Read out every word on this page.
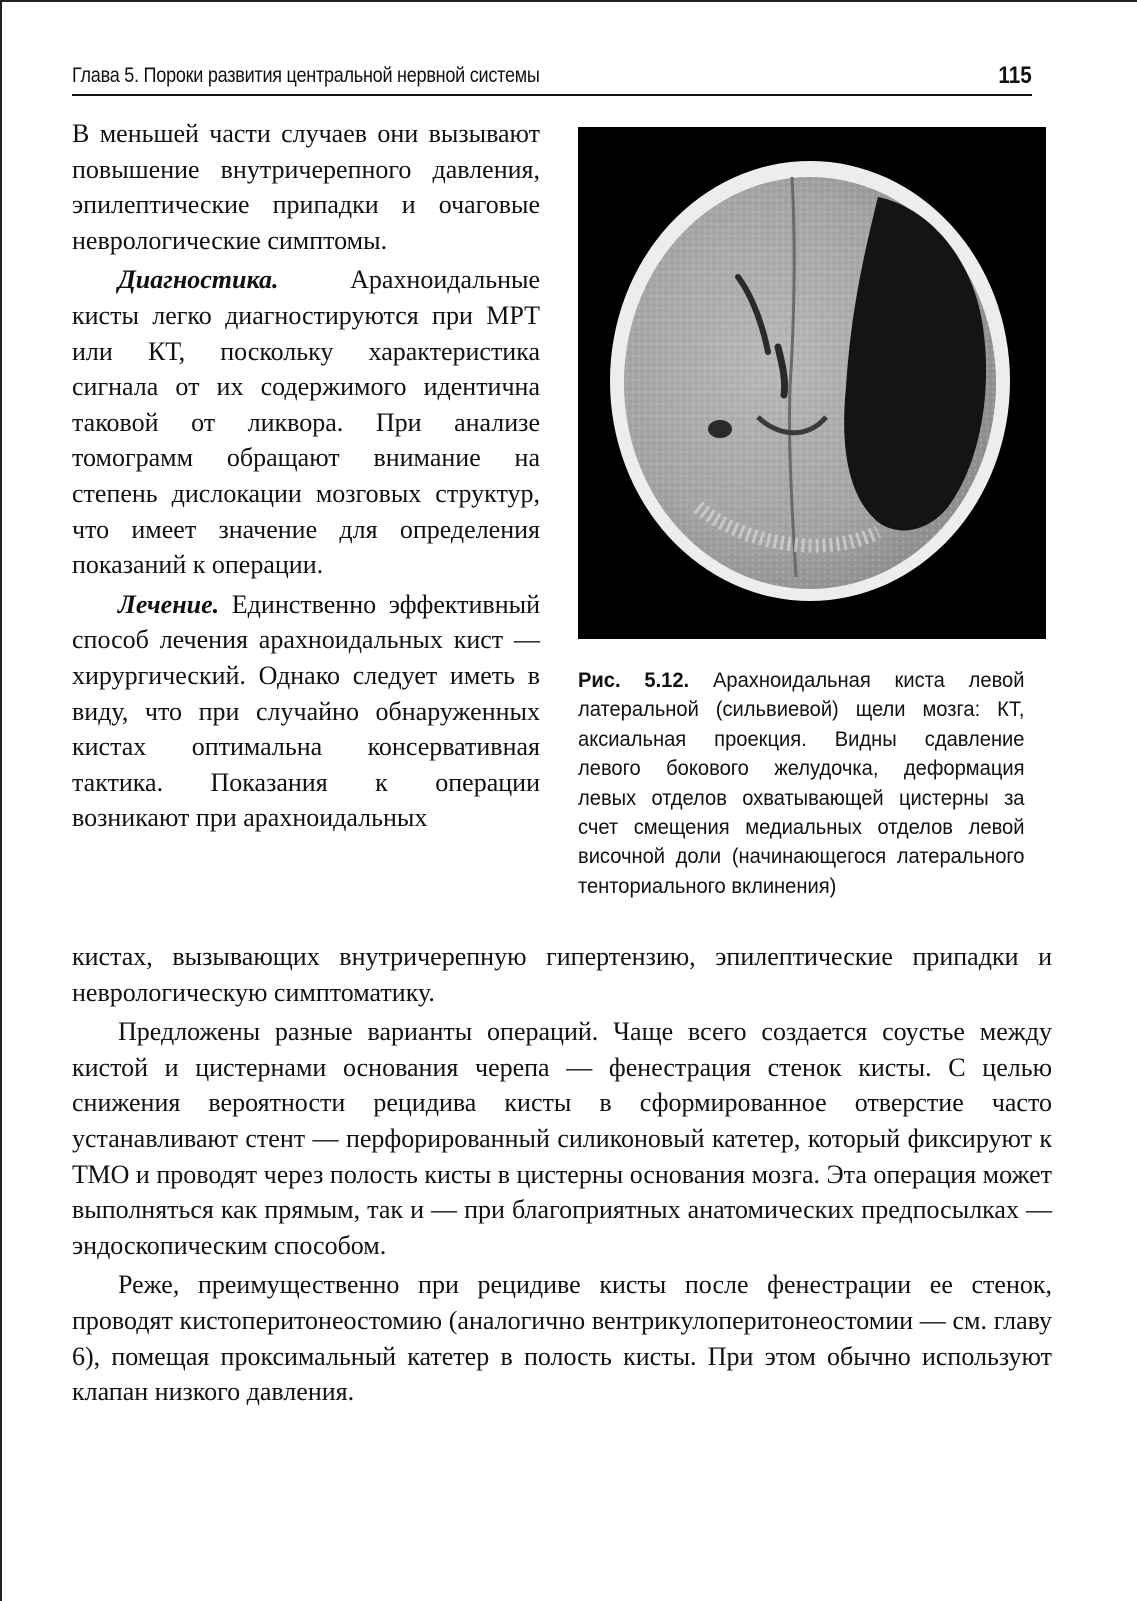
Глава 5. Пороки развития центральной нервной системы	115

В меньшей части случаев они вызывают повышение внутричерепного давления, эпилептические припадки и очаговые неврологические симптомы.

Диагностика. Арахноидальные кисты легко диагностируются при МРТ или КТ, поскольку характеристика сигнала от их содержимого идентична таковой от ликвора. При анализе томограмм обращают внимание на степень дислокации мозговых структур, что имеет значение для определения показаний к операции.

Лечение. Единственно эффективный способ лечения арахноидальных кист — хирургический. Однако следует иметь в виду, что при случайно обнаруженных кистах оптимальна консервативная тактика. Показания к операции возникают при арахноидальных

Рис. 5.12. Арахноидальная киста левой латеральной (сильвиевой) щели мозга: КТ, аксиальная проекция. Видны сдавление левого бокового желудочка, деформация левых отделов охватывающей цистерны за счет смещения медиальных отделов левой височной доли (начинающегося латерального тенториального вклинения)

кистах, вызывающих внутричерепную гипертензию, эпилептические припадки и неврологическую симптоматику.

Предложены разные варианты операций. Чаще всего создается соустье между кистой и цистернами основания черепа — фенестрация стенок кисты. С целью снижения вероятности рецидива кисты в сформированное отверстие часто устанавливают стент — перфорированный силиконовый катетер, который фиксируют к ТМО и проводят через полость кисты в цистерны основания мозга. Эта операция может выполняться как прямым, так и — при благоприятных анатомических предпосылках — эндоскопическим способом.

Реже, преимущественно при рецидиве кисты после фенестрации ее стенок, проводят кистоперитонеостомию (аналогично вентрикулоперитонеостомии — см. главу 6), помещая проксимальный катетер в полость кисты. При этом обычно используют клапан низкого давления.
